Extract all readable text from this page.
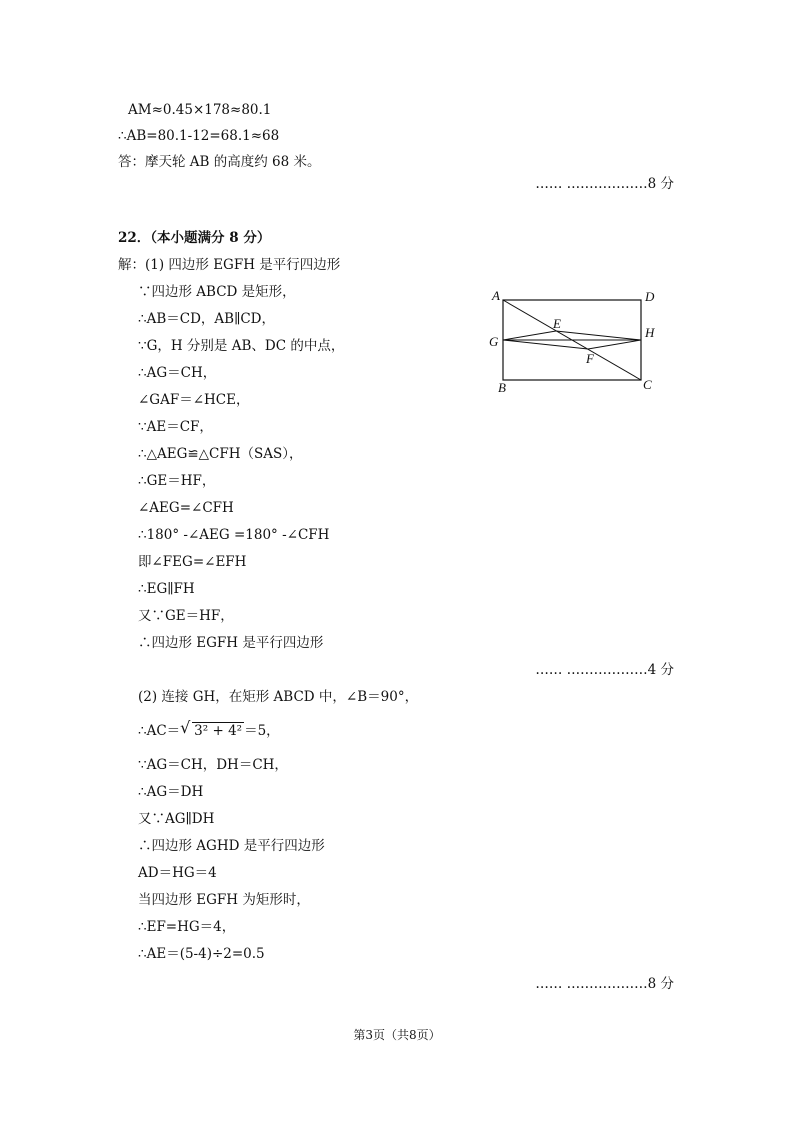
AM≈0.45×178≈80.1
∴AB=80.1-12=68.1≈68
答：摩天轮 AB 的高度约 68 米。
…… ………………8 分
22．（本小题满分 8 分）
解：(1) 四边形 EGFH 是平行四边形
∵四边形 ABCD 是矩形，
∴AB＝CD，AB∥CD，
∵G，H 分别是 AB、DC 的中点，
∴AG＝CH，
∠GAF＝∠HCE，
∵AE＝CF，
∴△AEG≌△CFH（SAS），
∴GE＝HF，
∠AEG=∠CFH
∴180° -∠AEG =180° -∠CFH
即∠FEG=∠EFH
∴EG∥FH
又∵GE＝HF，
∴四边形 EGFH 是平行四边形
…… ………………4 分
(2) 连接 GH，在矩形 ABCD 中，∠B＝90°，
∴AC＝ √ 3² + 4² ＝5，
∵AG＝CH，DH＝CH，
∴AG＝DH
又∵AG∥DH
∴四边形 AGHD 是平行四边形
AD＝HG＝4
当四边形 EGFH 为矩形时，
∴EF=HG＝4，
∴AE＝(5-4)÷2=0.5
…… ………………8 分
A	D
E
H
G
F
B	C
第3页（共8页）
